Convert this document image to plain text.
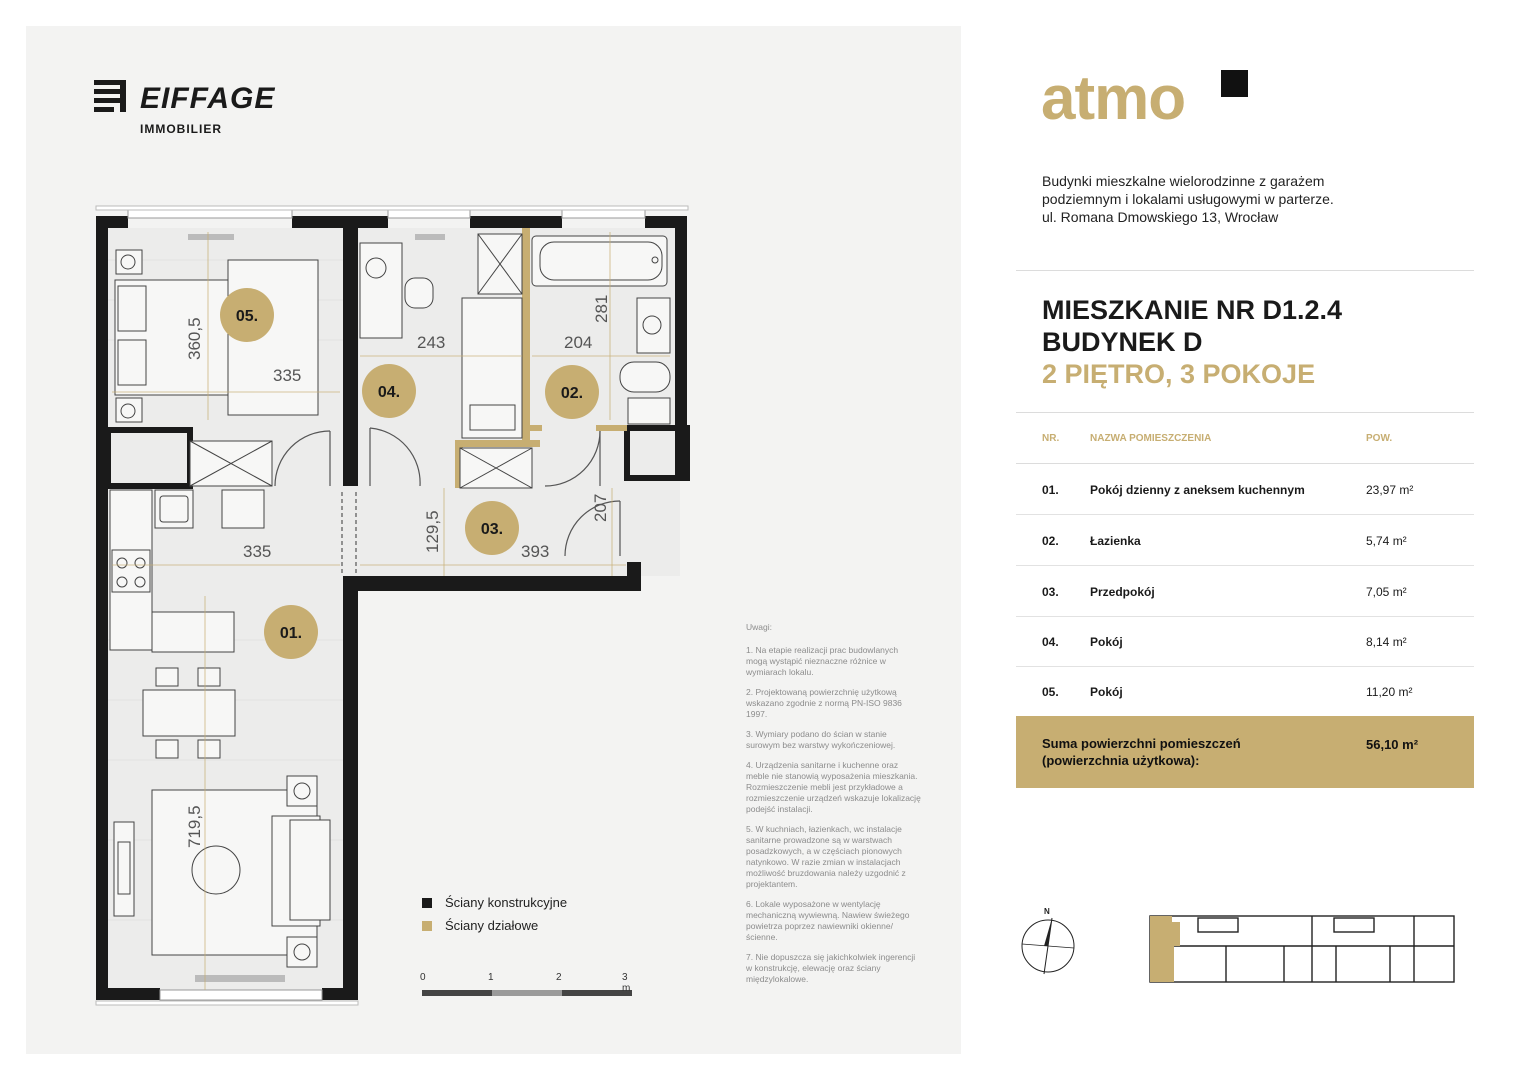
EIFFAGE
IMMOBILIER
360,5
335
243	204
281
335	129,5	393
207
719,5
05.
04.	02.
03.
01.
Ściany konstrukcyjne
Ściany działowe
0	1	2	3 m

Uwagi:

1. Na etapie realizacji prac budowlanych mogą wystąpić nieznaczne różnice w wymiarach lokalu.

2. Projektowaną powierzchnię użytkową wskazano zgodnie z normą PN-ISO 9836 1997.

3. Wymiary podano do ścian w stanie surowym bez warstwy wykończeniowej.

4. Urządzenia sanitarne i kuchenne oraz meble nie stanowią wyposażenia mieszkania. Rozmieszczenie mebli jest przykładowe a rozmieszczenie urządzeń wskazuje lokalizację podejść instalacji.

5. W kuchniach, łazienkach, wc instalacje sanitarne prowadzone są w warstwach posadzkowych, a w częściach pionowych natynkowo. W razie zmian w instalacjach możliwość bruzdowania należy uzgodnić z projektantem.

6. Lokale wyposażone w wentylację mechaniczną wywiewną. Nawiew świeżego powietrza poprzez nawiewniki okienne/ścienne.

7. Nie dopuszcza się jakichkolwiek ingerencji w konstrukcję, elewację oraz ściany międzylokalowe.

atmo
Budynki mieszkalne wielorodzinne z garażem
podziemnym i lokalami usługowymi w parterze.
ul. Romana Dmowskiego 13, Wrocław
MIESZKANIE NR D1.2.4
BUDYNEK D
2 PIĘTRO, 3 POKOJE
NR.	NAZWA POMIESZCZENIA	POW.
01.	Pokój dzienny z aneksem kuchennym	23,97 m²
02.	Łazienka	5,74 m²
03.	Przedpokój	7,05 m²
04.	Pokój	8,14 m²
05.	Pokój	11,20 m²
Suma powierzchni pomieszczeń
(powierzchnia użytkowa):
56,10 m²
N
